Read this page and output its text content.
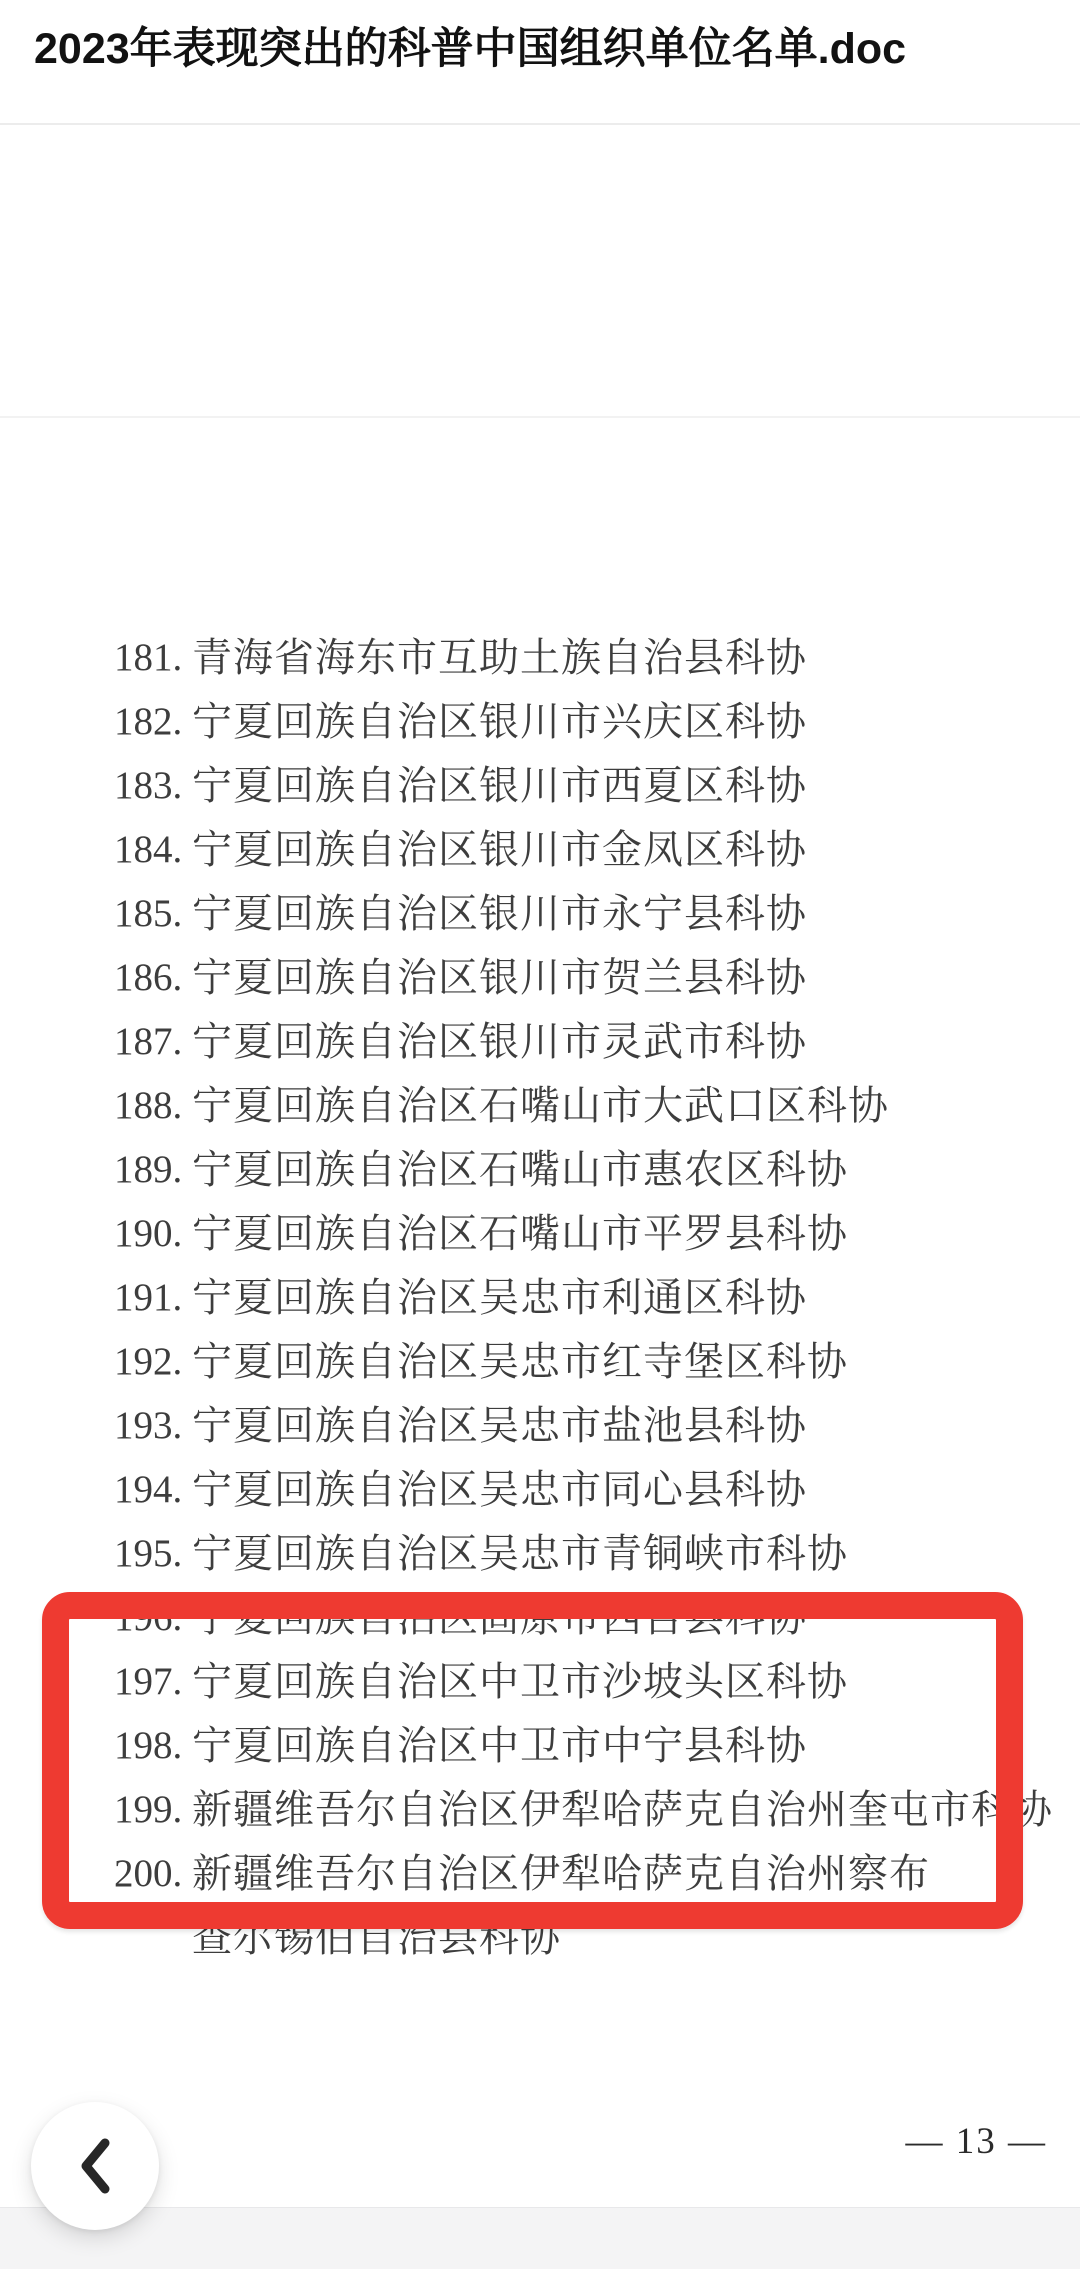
2023年表现突出的科普中国组织单位名单.doc
181. 青海省海东市互助土族自治县科协
182. 宁夏回族自治区银川市兴庆区科协
183. 宁夏回族自治区银川市西夏区科协
184. 宁夏回族自治区银川市金凤区科协
185. 宁夏回族自治区银川市永宁县科协
186. 宁夏回族自治区银川市贺兰县科协
187. 宁夏回族自治区银川市灵武市科协
188. 宁夏回族自治区石嘴山市大武口区科协
189. 宁夏回族自治区石嘴山市惠农区科协
190. 宁夏回族自治区石嘴山市平罗县科协
191. 宁夏回族自治区吴忠市利通区科协
192. 宁夏回族自治区吴忠市红寺堡区科协
193. 宁夏回族自治区吴忠市盐池县科协
194. 宁夏回族自治区吴忠市同心县科协
195. 宁夏回族自治区吴忠市青铜峡市科协
196. 宁夏回族自治区固原市西吉县科协
197. 宁夏回族自治区中卫市沙坡头区科协
198. 宁夏回族自治区中卫市中宁县科协
199. 新疆维吾尔自治区伊犁哈萨克自治州奎屯市科协
200. 新疆维吾尔自治区伊犁哈萨克自治州察布查尔锡伯自治县科协
— 13 —
